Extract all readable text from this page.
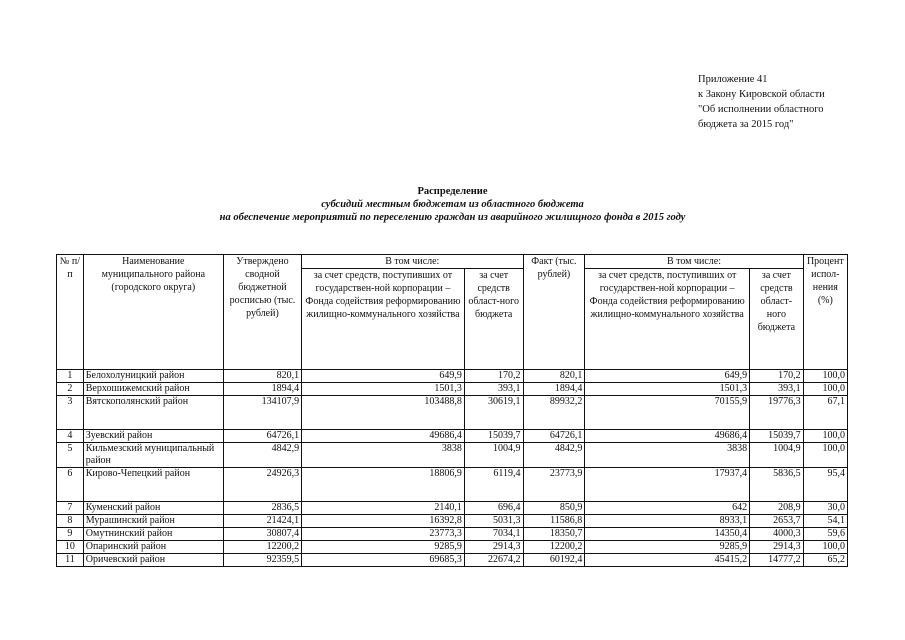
Приложение 41
к Закону Кировской области
"Об исполнении областного
бюджета за 2015 год"
Распределение
субсидий местным бюджетам из областного бюджета
на обеспечение мероприятий по переселению граждан из аварийного жилищного фонда в 2015 году
№ п/п	Наименование муниципального района (городского округа)	Утверждено сводной бюджетной росписью (тыс. рублей)	В том числе:		Факт (тыс. рублей)	В том числе:		Процент испол-нения (%)
			за счет средств, поступивших от государствен-ной корпорации – Фонда содействия реформированию жилищно-коммунального хозяйства	за счет средств област-ного бюджета		за счет средств, поступивших от государствен-ной корпорации – Фонда содействия реформированию жилищно-коммунального хозяйства	за счет средств област-ного бюджета	
1	Белохолуницкий район	820,1	649,9	170,2	820,1	649,9	170,2	100,0
2	Верхошижемский район	1894,4	1501,3	393,1	1894,4	1501,3	393,1	100,0
3	Вятскополянский район	134107,9	103488,8	30619,1	89932,2	70155,9	19776,3	67,1
4	Зуевский район	64726,1	49686,4	15039,7	64726,1	49686,4	15039,7	100,0
5	Кильмезский муниципальный район	4842,9	3838	1004,9	4842,9	3838	1004,9	100,0
6	Кирово-Чепецкий район	24926,3	18806,9	6119,4	23773,9	17937,4	5836,5	95,4
7	Куменский район	2836,5	2140,1	696,4	850,9	642	208,9	30,0
8	Мурашинский район	21424,1	16392,8	5031,3	11586,8	8933,1	2653,7	54,1
9	Омутнинский район	30807,4	23773,3	7034,1	18350,7	14350,4	4000,3	59,6
10	Опаринский район	12200,2	9285,9	2914,3	12200,2	9285,9	2914,3	100,0
11	Оричевский район	92359,5	69685,3	22674,2	60192,4	45415,2	14777,2	65,2
